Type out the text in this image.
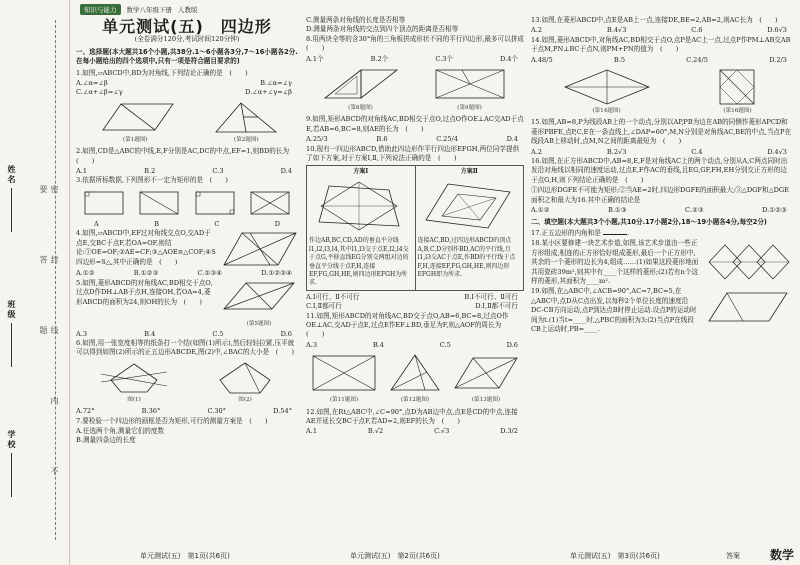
知识与能力	数学八年级下册 人教版
学校
班级
姓名
密 封 线 内 不 要 答 题
单元测试(五)　四边形
(全卷满分120分,考试时间120分钟)
一、选择题(本大题共16个小题,共38分.1～6小题各3分,7～16小题各2分.在每小题给出的四个选项中,只有一项是符合题目要求的)
1.如图,▱ABCD中,BD为对角线,下列结论正确的是　(　　)
A.∠α=∠β	B.∠α=∠γ
C.∠α+∠β=∠γ	D.∠α+∠γ=∠β
(第1题图)	(第2题图)
2.如图,CD是△ABC的中线,E,F分别是AC,DC的中点,EF=1,则BD的长为　(　　)
A.1	B.2	C.3	D.4
3.依据所标数据,下列图形不一定为矩形的是　(　　)
A	B	C	D
4.如图,▱ABCD中,EF过对角线交点O,交AD于点E,交BC于点F,若OA=OF,则结论:①OE=OF;②AE=CF;③△AOE≌△COF;④S四边形=S△,其中正确的是　(　　)
A.①②	B.①②③	C.②③④	D.①②③④
5.如图,菱形ABCD的对角线AC,BD相交于点O,过点D作DH⊥AB于点H,连接OH,若OA=4,菱形ABCD的面积为24,则OH的长为　(　　)
(第5题图)
A.3	B.4	C.5	D.6
6.如图,用一张宽度相等的纸条打一个结(如图(1)所示),然后轻轻拉紧,压平就可以得到如图(2)所示的正五边形ABCDE,图(2)中,∠BAC的大小是　(　　)
图(1)	图(2)
A.72°	B.36°	C.30°	D.54°
7.要检验一个四边形的画框是否为矩形,可行的测量方案是　(　　)
A.任选两个角,测量它们的度数
B.测量四条边的长度
单元测试(五)　第1页(共6页)
C.测量两条对角线的长度是否相等
D.测量两条对角线的交点到四个顶点的距离是否相等
8.用两块全等的含30°角的三角板拼成形状不同的平行四边形,最多可以拼成　(　　)
A.1个	B.2个	C.3个	D.4个
(第8题图)	(第9题图)
9.如图,矩形ABCD的对角线AC,BD相交于点O,过点O作OE⊥AC交AD于点E,若AB=6,BC=8,则AE的长为　(　　)
A.25/3	B.6	C.25/4	D.4
10.现有一四边形ABCD,借助此四边形作平行四边形EFGH,两位同学提供了如下方案,对于方案Ⅰ,Ⅱ,下列说法正确的是　(　　)
方案Ⅰ
作边AB,BC,CD,AD的垂直平分线l1,l2,l3,l4,其中l1,l3交于点E,l2,l4交于点G,平移直线EG分别交两组对边的垂直平分线于点F,H,连接EF,FG,GH,HE,则四边形EFGH为所求.
方案Ⅱ
连接AC,BD,过四边形ABCD的顶点A,B,C,D分别作BD,AC的平行线,且l1,l3交AC于点E,作BD的平行线于点F,H,连接EF,FG,GH,HE,则四边形EFGH即为所求.
A.Ⅰ可行、Ⅱ不可行	B.Ⅰ不可行、Ⅱ可行
C.Ⅰ,Ⅱ都可行	D.Ⅰ,Ⅱ都不可行
11.如图,矩形ABCD的对角线AC,BD交于点O,AB=6,BC=8,过点O作OE⊥AC,交AD于点E,过点E作EF⊥BD,垂足为F,则△AOF的周长为　(　　)
A.3	B.4	C.5	D.6
(第11题图)	(第12题图)	(第13题图)
12.如图,在Rt△ABC中,∠C=90°,点D为AB边中点,点E是CD的中点,连接AE并延长交BC于点F,若AD=2,则EF的长为　(　　)
A.1	B.√2	C.√3	D.3/2
单元测试(五)　第2页(共6页)
13.如图,在菱形ABCD中,点E是AB上一点,连接DE,BE=2,AB=2,则AC长为　(　　)
A.2	B.4√3	C.6	D.6√3
14.如图,菱形ABCD中,对角线AC,BD相交于点O,点P是AC上一点,过点P作PM⊥AB交AB于点M,PN⊥BC于点N,则PM+PN的值为　(　　)
A.48/5	B.5	C.24/5	D.2/3
(第14题图)	(第16题图)
15.如图,AB=8,P为线段AB上的一个动点,分别以AP,PB为边在AB的同侧作菱形APCD和菱形PBFE,点P,C,E在一条直线上,∠DAP=60°,M,N分别是对角线AC,BE的中点,当点P在线段AB上移动时,点M,N之间的距离最短为　(　　)
A.2	B.2√3	C.4	D.4√3
16.如图,在正方形ABCD中,AB=8,E,F是对角线AC上的两个动点,分别从A,C两点同时出发沿对角线以相同的速度运动,过点E,F作AC的垂线,且EG,GF,FH,EH分别交正方形的边于点G,H,则下列结论正确的是　(　　)
①四边形DGFE不可能为矩形;②当AE=2时,四边形DGFE的面积最大;③△DGF和△DGE面积之和最大为16.其中正确的结论是
A.①②	B.①③	C.②③	D.①②③
二、填空题(本大题共3个小题,共10分.17小题2分,18～19小题各4分,每空2分)
17.正五边形的内角和是	.
18.某小区要修建一块艺术步道,如图,该艺术步道由一些正方形组成,相连的正方形恰好组成菱形,最后一个正方形中,其余的一个菱形的边长为4,组成……(1)如果这段菱形地面共用瓷砖39m²,则其中有____个这样的菱形;(2)若有n个这样的菱形,其面积为____m².
19.如图,在△ABC中,∠ACB=90°,AC=7,BC=5,在△ABC中,点D从C点出发,以每秒2个单位长度的速度沿DC-CB方向运动,点P到达点B时停止运动.设点P的运动时间为t.(1)当t=____时,△PBC的面积为3;(2)当点P在线段CB上运动时,PB=____.
单元测试(五)　第3页(共6页)	答案 数学
